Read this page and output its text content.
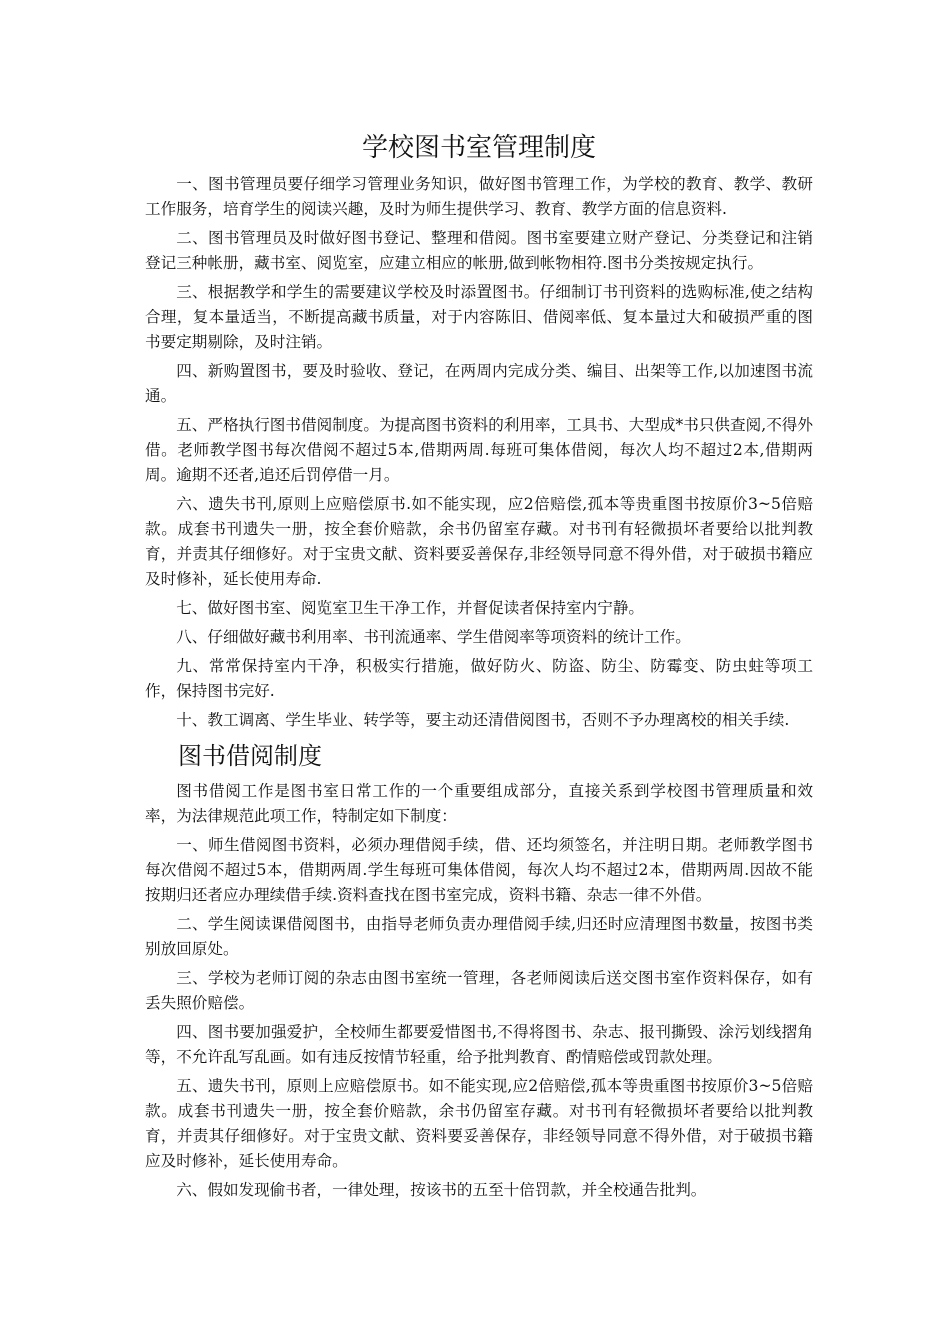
学校图书室管理制度

一、图书管理员要仔细学习管理业务知识，做好图书管理工作，为学校的教育、教学、教研工作服务，培育学生的阅读兴趣，及时为师生提供学习、教育、教学方面的信息资料.

二、图书管理员及时做好图书登记、整理和借阅。图书室要建立财产登记、分类登记和注销登记三种帐册，藏书室、阅览室，应建立相应的帐册,做到帐物相符.图书分类按规定执行。

三、根据教学和学生的需要建议学校及时添置图书。仔细制订书刊资料的选购标准,使之结构合理，复本量适当，不断提高藏书质量，对于内容陈旧、借阅率低、复本量过大和破损严重的图书要定期剔除，及时注销。

四、新购置图书，要及时验收、登记，在两周内完成分类、编目、出架等工作,以加速图书流通。

五、严格执行图书借阅制度。为提高图书资料的利用率，工具书、大型成*书只供查阅,不得外借。老师教学图书每次借阅不超过5本,借期两周.每班可集体借阅，每次人均不超过2本,借期两周。逾期不还者,追还后罚停借一月。

六、遗失书刊,原则上应赔偿原书.如不能实现，应2倍赔偿,孤本等贵重图书按原价3~5倍赔款。成套书刊遗失一册，按全套价赔款，余书仍留室存藏。对书刊有轻微损坏者要给以批判教育，并责其仔细修好。对于宝贵文献、资料要妥善保存,非经领导同意不得外借，对于破损书籍应及时修补，延长使用寿命.

七、做好图书室、阅览室卫生干净工作，并督促读者保持室内宁静。

八、仔细做好藏书利用率、书刊流通率、学生借阅率等项资料的统计工作。

九、常常保持室内干净，积极实行措施，做好防火、防盗、防尘、防霉变、防虫蛀等项工作，保持图书完好.

十、教工调离、学生毕业、转学等，要主动还清借阅图书，否则不予办理离校的相关手续.

图书借阅制度

图书借阅工作是图书室日常工作的一个重要组成部分，直接关系到学校图书管理质量和效率，为法律规范此项工作，特制定如下制度：

一、师生借阅图书资料，必须办理借阅手续，借、还均须签名，并注明日期。老师教学图书每次借阅不超过5本，借期两周.学生每班可集体借阅，每次人均不超过2本，借期两周.因故不能按期归还者应办理续借手续.资料查找在图书室完成，资料书籍、杂志一律不外借。

二、学生阅读课借阅图书，由指导老师负责办理借阅手续,归还时应清理图书数量，按图书类别放回原处。

三、学校为老师订阅的杂志由图书室统一管理，各老师阅读后送交图书室作资料保存，如有丢失照价赔偿。

四、图书要加强爱护，全校师生都要爱惜图书,不得将图书、杂志、报刊撕毁、涂污划线摺角等，不允许乱写乱画。如有违反按情节轻重，给予批判教育、酌情赔偿或罚款处理。

五、遗失书刊，原则上应赔偿原书。如不能实现,应2倍赔偿,孤本等贵重图书按原价3~5倍赔款。成套书刊遗失一册，按全套价赔款，余书仍留室存藏。对书刊有轻微损坏者要给以批判教育，并责其仔细修好。对于宝贵文献、资料要妥善保存，非经领导同意不得外借，对于破损书籍应及时修补，延长使用寿命。

六、假如发现偷书者，一律处理，按该书的五至十倍罚款，并全校通告批判。
